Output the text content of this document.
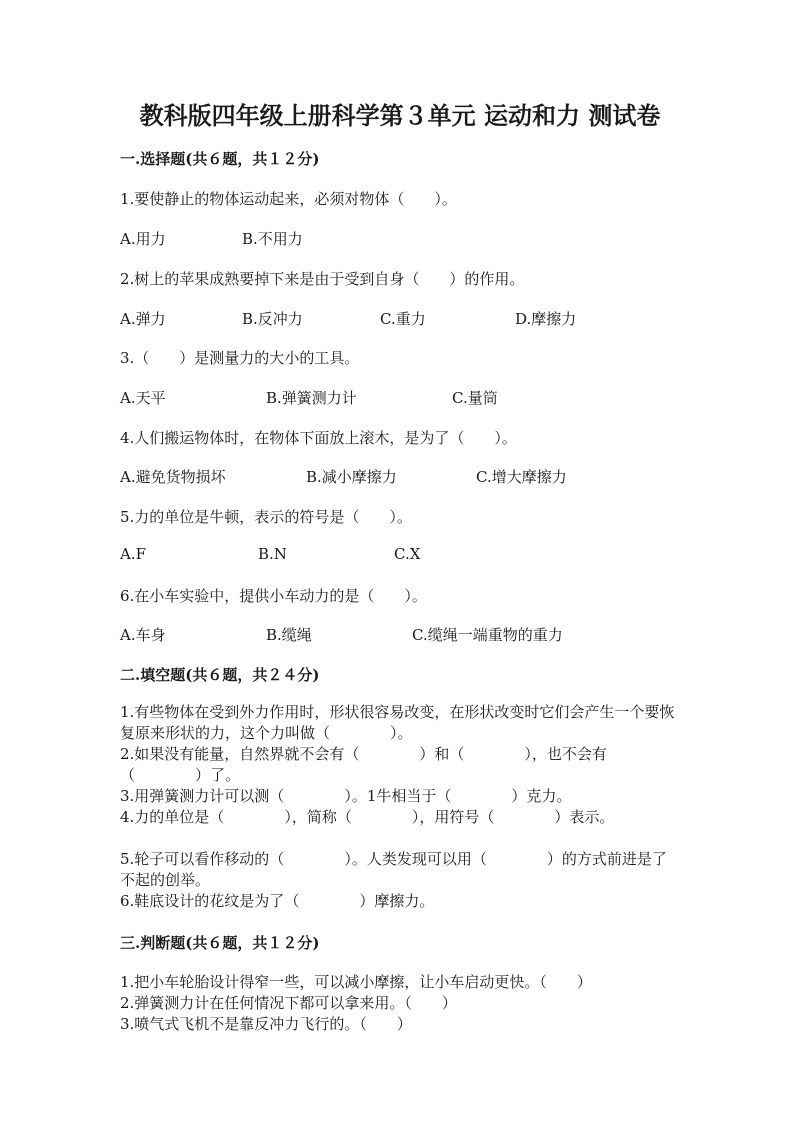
教科版四年级上册科学第３单元 运动和力 测试卷
一.选择题(共６题，共１２分)
1.要使静止的物体运动起来，必须对物体（　　）。
A.用力	B.不用力
2.树上的苹果成熟要掉下来是由于受到自身（　　）的作用。
A.弹力	B.反冲力	C.重力	D.摩擦力
3.（　　）是测量力的大小的工具。
A.天平	B.弹簧测力计	C.量筒
4.人们搬运物体时，在物体下面放上滚木，是为了（　　）。
A.避免货物损坏	B.减小摩擦力	C.增大摩擦力
5.力的单位是牛顿，表示的符号是（　　）。
A.F	B.N	C.X
6.在小车实验中，提供小车动力的是（　　）。
A.车身	B.缆绳	C.缆绳一端重物的重力
二.填空题(共６题，共２４分)
1.有些物体在受到外力作用时，形状很容易改变，在形状改变时它们会产生一个要恢复原来形状的力，这个力叫做（　　　　）。
2.如果没有能量，自然界就不会有（　　　　）和（　　　　），也不会有（　　　　）了。
3.用弹簧测力计可以测（　　　　）。1牛相当于（　　　　）克力。
4.力的单位是（　　　　），简称（　　　　），用符号（　　　　）表示。
5.轮子可以看作移动的（　　　　）。人类发现可以用（　　　　）的方式前进是了不起的创举。
6.鞋底设计的花纹是为了（　　　　）摩擦力。
三.判断题(共６题，共１２分)
1.把小车轮胎设计得窄一些，可以减小摩擦，让小车启动更快。（　　）
2.弹簧测力计在任何情况下都可以拿来用。（　　）
3.喷气式飞机不是靠反冲力飞行的。（　　）
